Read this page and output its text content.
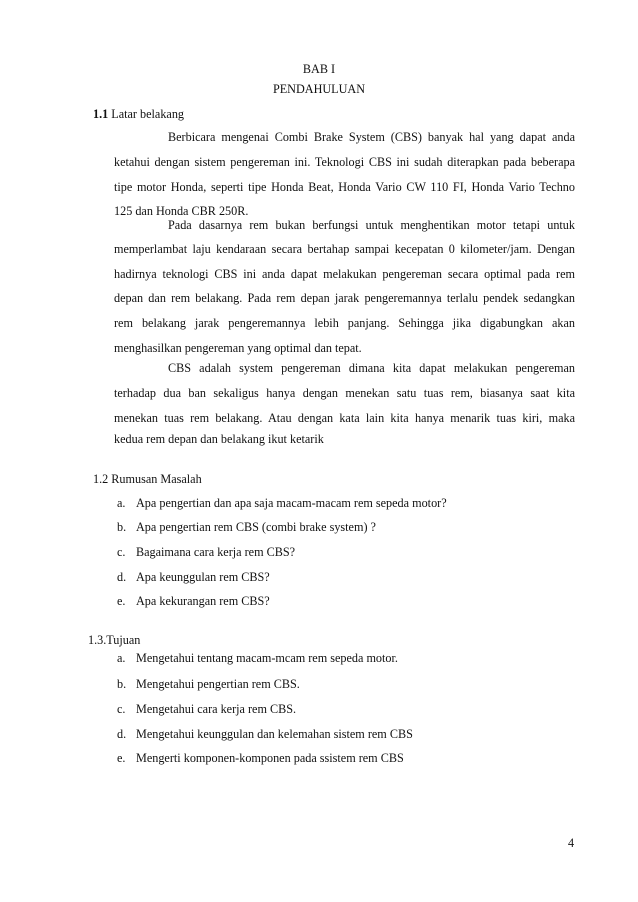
BAB I
PENDAHULUAN
1.1 Latar belakang
Berbicara mengenai Combi Brake System (CBS) banyak hal yang dapat anda
ketahui dengan sistem pengereman ini. Teknologi CBS ini sudah diterapkan pada beberapa
tipe motor Honda, seperti tipe Honda Beat, Honda Vario CW 110 FI, Honda Vario Techno
125 dan Honda CBR 250R.
Pada dasarnya rem bukan berfungsi untuk menghentikan motor tetapi untuk
memperlambat laju kendaraan secara bertahap sampai kecepatan 0 kilometer/jam. Dengan
hadirnya teknologi CBS ini anda dapat melakukan pengereman secara optimal pada rem
depan dan rem belakang. Pada rem depan jarak pengeremannya terlalu pendek sedangkan
rem belakang jarak pengeremannya lebih panjang. Sehingga jika digabungkan akan
menghasilkan pengereman yang optimal dan tepat.
CBS adalah system pengereman dimana kita dapat melakukan pengereman
terhadap dua ban sekaligus hanya dengan menekan satu tuas rem, biasanya saat kita
menekan tuas rem belakang. Atau dengan kata lain kita hanya menarik tuas kiri, maka
kedua rem depan dan belakang ikut ketarik
1.2 Rumusan Masalah
a. Apa pengertian dan apa saja macam-macam rem sepeda motor?
b. Apa pengertian rem CBS (combi brake system) ?
c. Bagaimana cara kerja rem CBS?
d. Apa keunggulan rem CBS?
e. Apa kekurangan rem CBS?
1.3.Tujuan
a. Mengetahui tentang macam-mcam rem sepeda motor.
b. Mengetahui pengertian rem CBS.
c. Mengetahui cara kerja rem CBS.
d. Mengetahui keunggulan dan kelemahan sistem rem CBS
e. Mengerti komponen-komponen pada ssistem rem CBS
4
